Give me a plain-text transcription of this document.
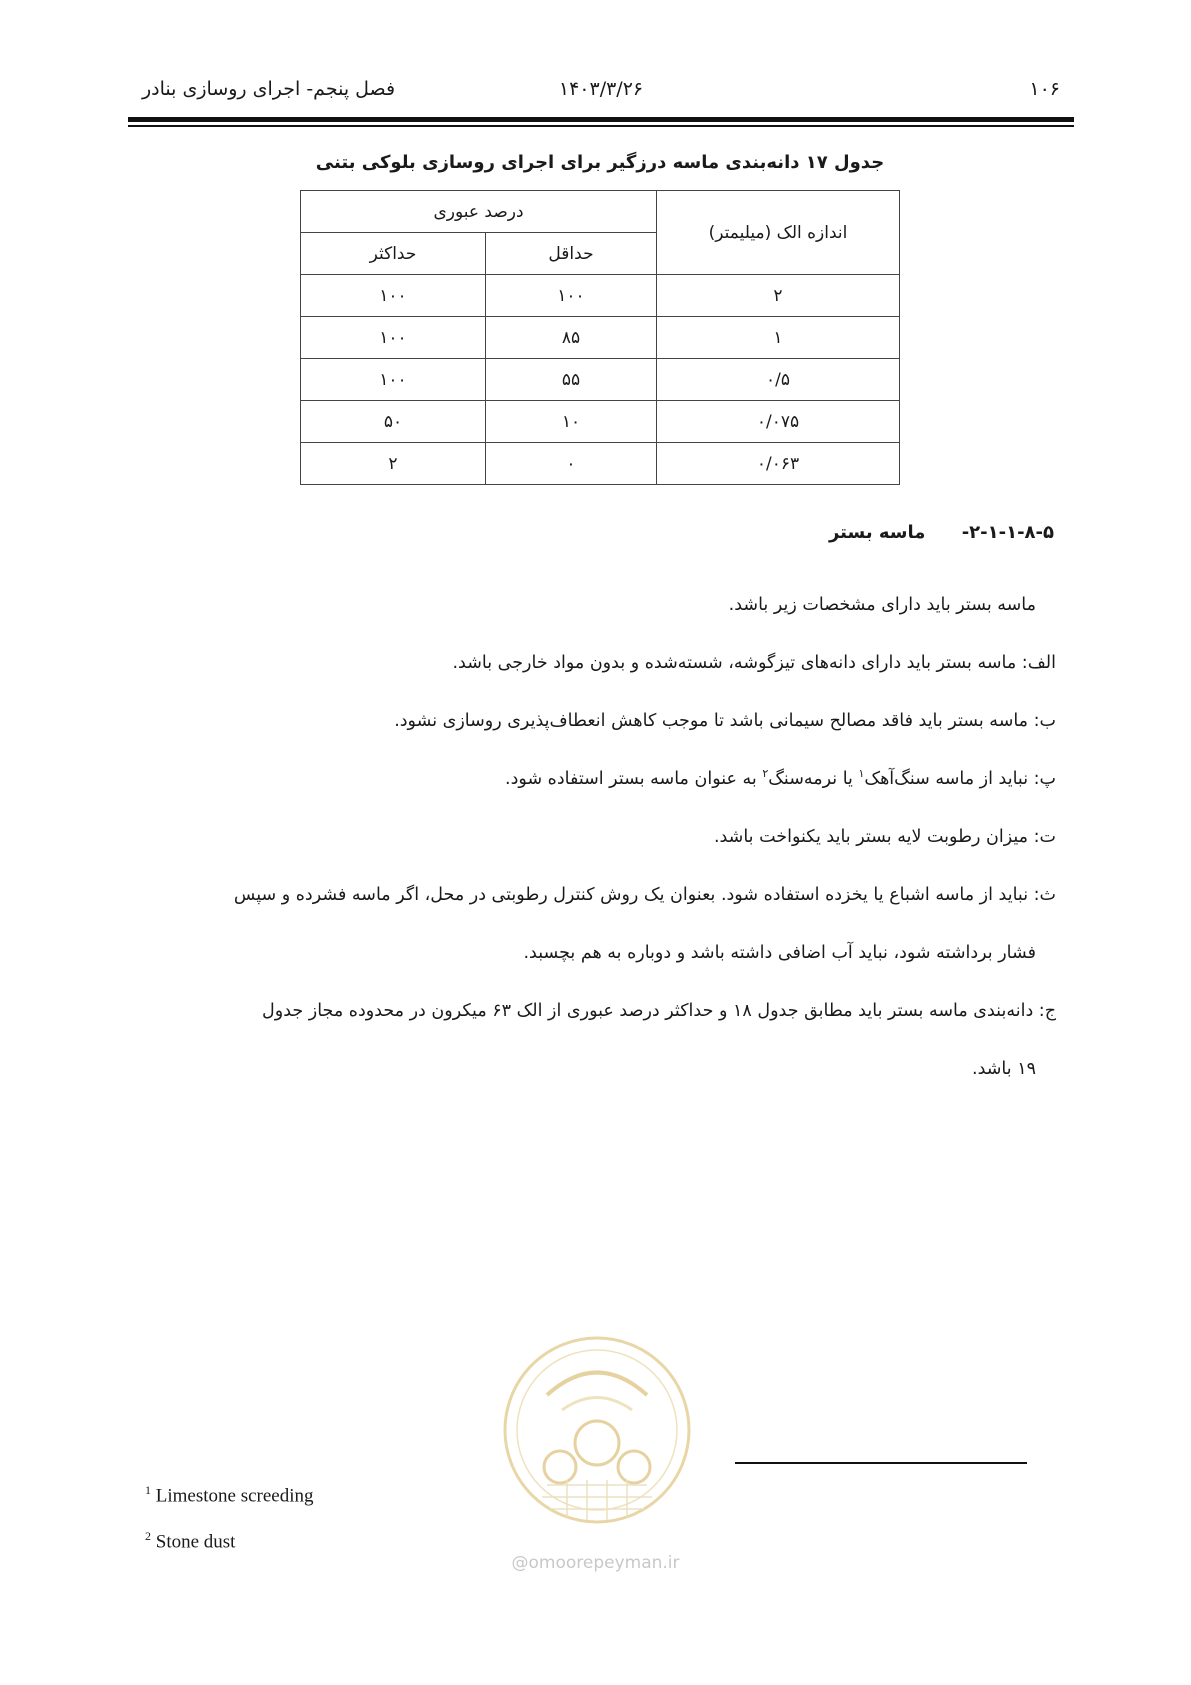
۱۰۶
۱۴۰۳/۳/۲۶
فصل پنجم- اجرای روسازی بنادر
جدول ۱۷ دانه‌بندی ماسه درزگیر برای اجرای روسازی بلوکی بتنی
اندازه الک (میلیمتر)	درصد عبوری	
	حداقل	حداکثر
۲	۱۰۰	۱۰۰
۱	۸۵	۱۰۰
۰/۵	۵۵	۱۰۰
۰/۰۷۵	۱۰	۵۰
۰/۰۶۳	۰	۲
۲-۱-۱-۸-۵- ماسه بستر

ماسه بستر باید دارای مشخصات زیر باشد.

الف: ماسه بستر باید دارای دانه‌های تیزگوشه، شسته‌شده و بدون مواد خارجی باشد.

ب: ماسه بستر باید فاقد مصالح سیمانی باشد تا موجب کاهش انعطاف‌پذیری روسازی نشود.

پ: نباید از ماسه سنگ‌آهک$^۱$ یا نرمه‌سنگ$^۲$ به عنوان ماسه بستر استفاده شود.

ت: میزان رطوبت لایه بستر باید یکنواخت باشد.

ث: نباید از ماسه اشباع یا یخزده استفاده شود. بعنوان یک روش کنترل رطوبتی در محل، اگر ماسه فشرده و سپس

فشار برداشته شود، نباید آب اضافی داشته باشد و دوباره به هم بچسبد.

ج: دانه‌بندی ماسه بستر باید مطابق جدول ۱۸ و حداکثر درصد عبوری از الک ۶۳ میکرون در محدوده مجاز جدول

۱۹ باشد.

@omoorepeyman.ir
$^1$ Limestone screeding
$^2$ Stone dust
